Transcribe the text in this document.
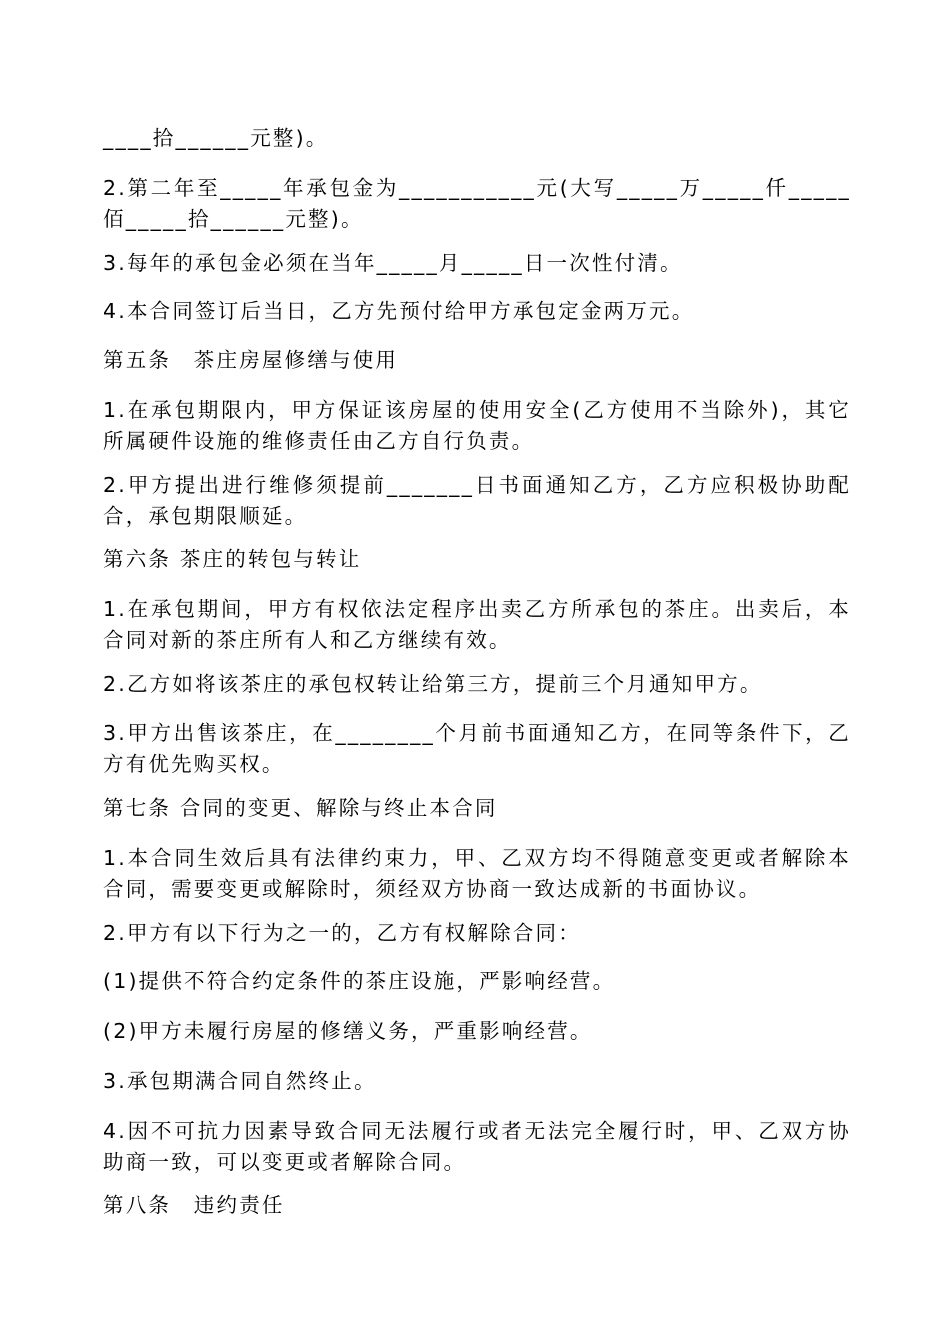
____拾______元整)。

2.第二年至_____年承包金为___________元(大写_____万_____仟_____佰_____拾______元整)。

3.每年的承包金必须在当年_____月_____日一次性付清。

4.本合同签订后当日，乙方先预付给甲方承包定金两万元。

第五条　茶庄房屋修缮与使用

1.在承包期限内，甲方保证该房屋的使用安全(乙方使用不当除外)，其它所属硬件设施的维修责任由乙方自行负责。

2.甲方提出进行维修须提前_______日书面通知乙方，乙方应积极协助配合，承包期限顺延。

第六条 茶庄的转包与转让

1.在承包期间，甲方有权依法定程序出卖乙方所承包的茶庄。出卖后，本合同对新的茶庄所有人和乙方继续有效。

2.乙方如将该茶庄的承包权转让给第三方，提前三个月通知甲方。

3.甲方出售该茶庄，在________个月前书面通知乙方，在同等条件下，乙方有优先购买权。

第七条 合同的变更、解除与终止本合同

1.本合同生效后具有法律约束力，甲、乙双方均不得随意变更或者解除本合同，需要变更或解除时，须经双方协商一致达成新的书面协议。

2.甲方有以下行为之一的，乙方有权解除合同：

(1)提供不符合约定条件的茶庄设施，严影响经营。

(2)甲方未履行房屋的修缮义务，严重影响经营。

3.承包期满合同自然终止。

4.因不可抗力因素导致合同无法履行或者无法完全履行时，甲、乙双方协助商一致，可以变更或者解除合同。

第八条　违约责任
